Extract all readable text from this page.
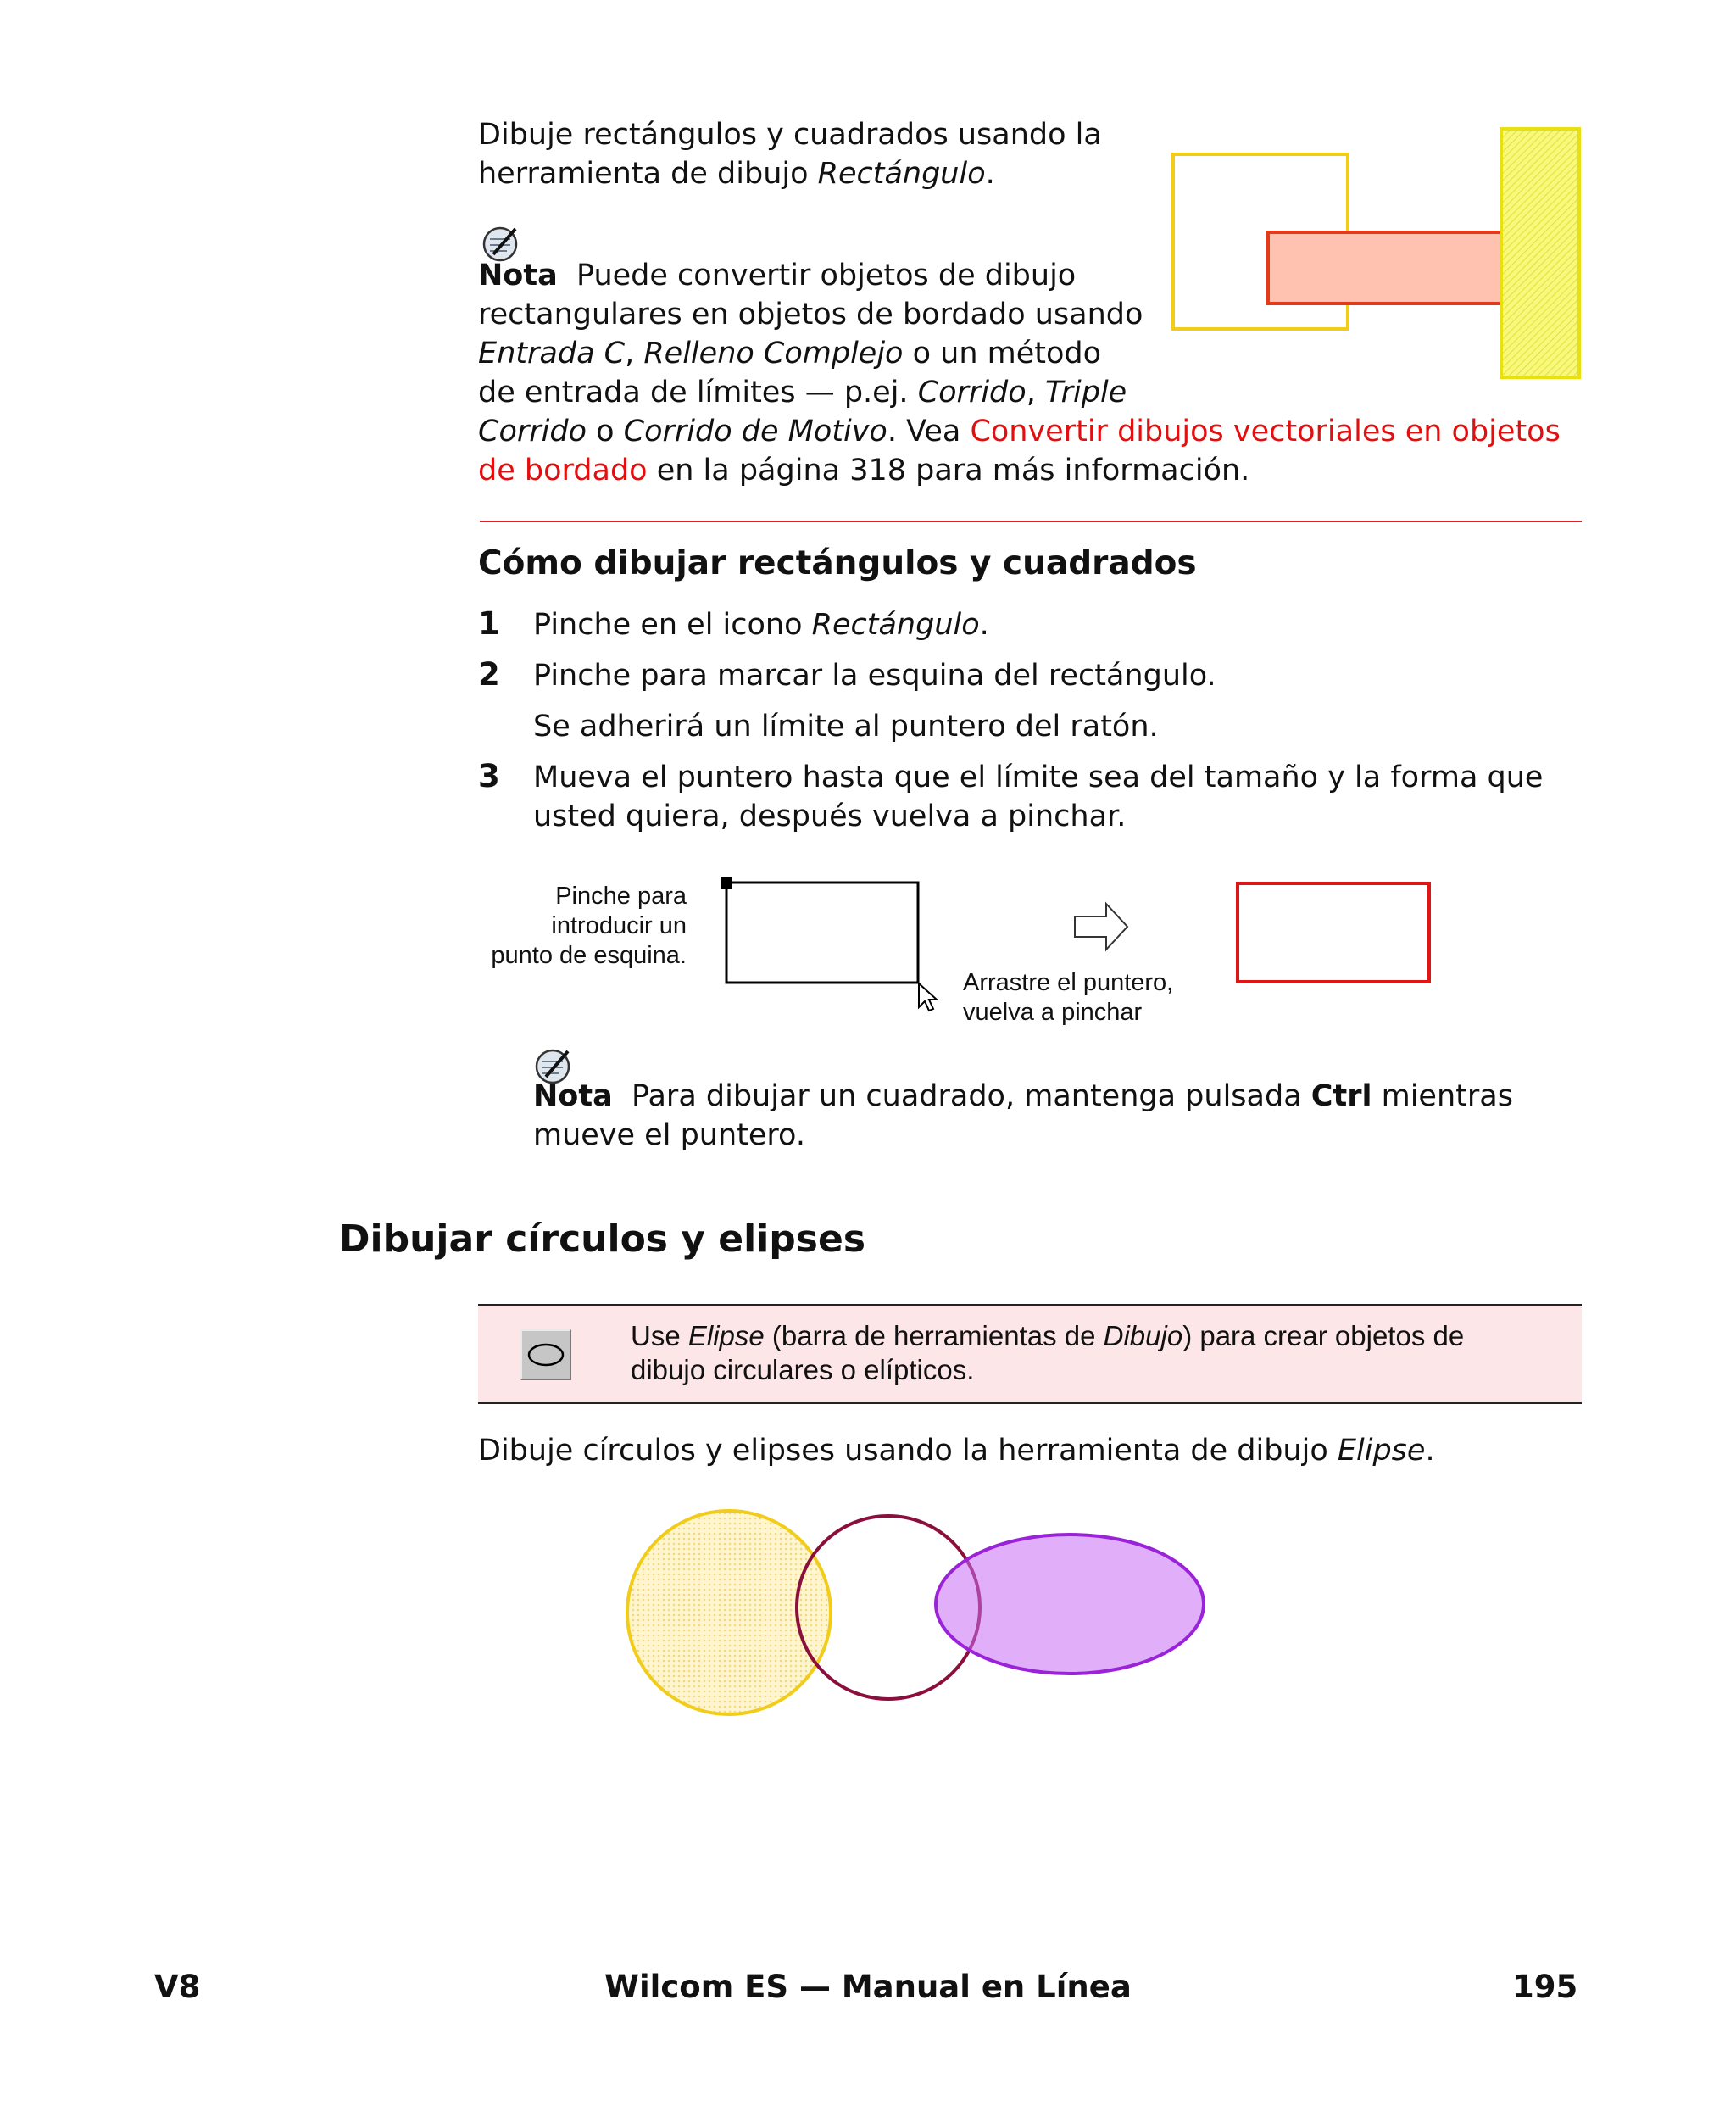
Dibuje rectángulos y cuadrados usando la
herramienta de dibujo Rectángulo.
Nota Puede convertir objetos de dibujo
rectangulares en objetos de bordado usando
Entrada C, Relleno Complejo o un método
de entrada de límites — p.ej. Corrido, Triple
Corrido o Corrido de Motivo. Vea Convertir dibujos vectoriales en objetos
de bordado en la página 318 para más información.
Cómo dibujar rectángulos y cuadrados
1 Pinche en el icono Rectángulo.
2 Pinche para marcar la esquina del rectángulo.
Se adherirá un límite al puntero del ratón.
3 Mueva el puntero hasta que el límite sea del tamaño y la forma que
usted quiera, después vuelva a pinchar.
Pinche para
introducir un
punto de esquina.
Arrastre el puntero,
vuelva a pinchar
Nota Para dibujar un cuadrado, mantenga pulsada Ctrl mientras
mueve el puntero.
Dibujar círculos y elipses
Use Elipse (barra de herramientas de Dibujo) para crear objetos de
dibujo circulares o elípticos.
Dibuje círculos y elipses usando la herramienta de dibujo Elipse.
V8	Wilcom ES — Manual en Línea	195
